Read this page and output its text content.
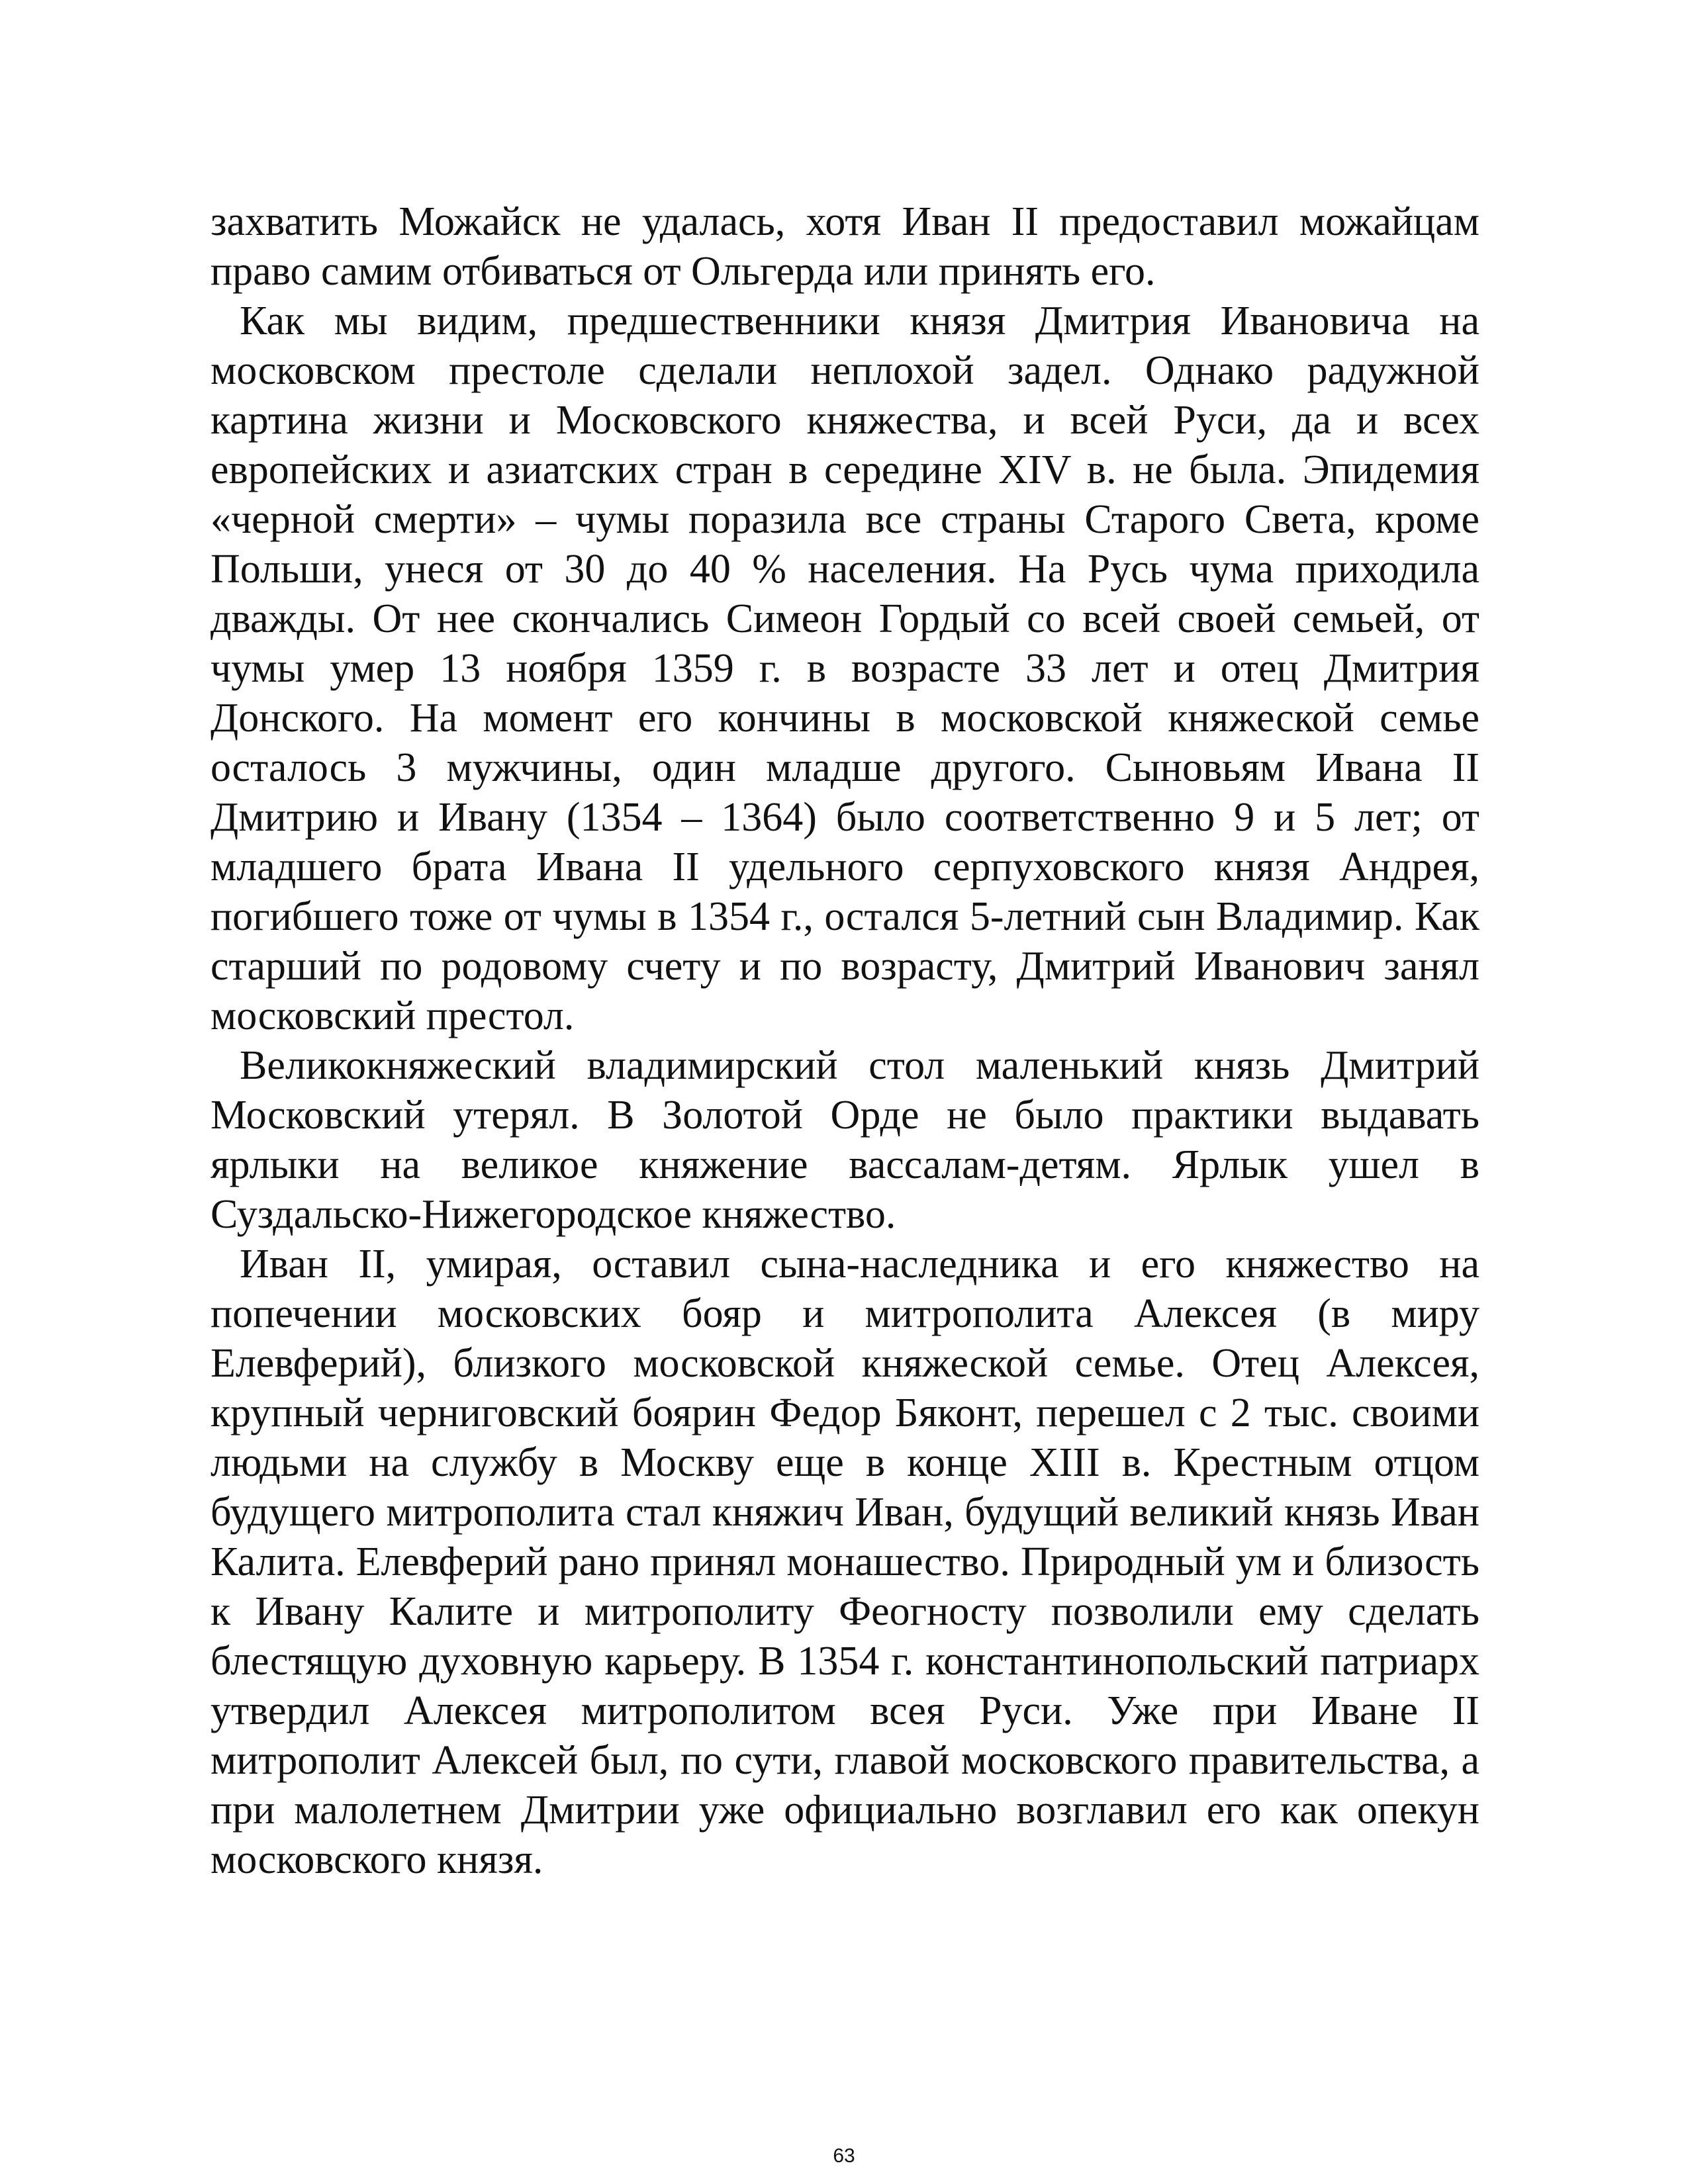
захватить Можайск не удалась, хотя Иван II предоставил можайцам право самим отбиваться от Ольгерда или принять его.

Как мы видим, предшественники князя Дмитрия Ивановича на московском престоле сделали неплохой задел. Однако радужной картина жизни и Московского княжества, и всей Руси, да и всех европейских и азиатских стран в середине XIV в. не была. Эпидемия «черной смерти» – чумы поразила все страны Старого Света, кроме Польши, унеся от 30 до 40 % населения. На Русь чума приходила дважды. От нее скончались Симеон Гордый со всей своей семьей, от чумы умер 13 ноября 1359 г. в возрасте 33 лет и отец Дмитрия Донского. На момент его кончины в московской княжеской семье осталось 3 мужчины, один младше другого. Сыновьям Ивана II Дмитрию и Ивану (1354 – 1364) было соответственно 9 и 5 лет; от младшего брата Ивана II удельного серпуховского князя Андрея, погибшего тоже от чумы в 1354 г., остался 5-летний сын Владимир. Как старший по родовому счету и по возрасту, Дмитрий Иванович занял московский престол.

Великокняжеский владимирский стол маленький князь Дмитрий Московский утерял. В Золотой Орде не было практики выдавать ярлыки на великое княжение вассалам-детям. Ярлык ушел в Суздальско-Нижегородское княжество.

Иван II, умирая, оставил сына-наследника и его княжество на попечении московских бояр и митрополита Алексея (в миру Елевферий), близкого московской княжеской семье. Отец Алексея, крупный черниговский боярин Федор Бяконт, перешел с 2 тыс. своими людьми на службу в Москву еще в конце XIII в. Крестным отцом будущего митрополита стал княжич Иван, будущий великий князь Иван Калита. Елевферий рано принял монашество. Природный ум и близость к Ивану Калите и митрополиту Феогносту позволили ему сделать блестящую духовную карьеру. В 1354 г. константинопольский патриарх утвердил Алексея митрополитом всея Руси. Уже при Иване II митрополит Алексей был, по сути, главой московского правительства, а при малолетнем Дмитрии уже официально возглавил его как опекун московского князя.

63
